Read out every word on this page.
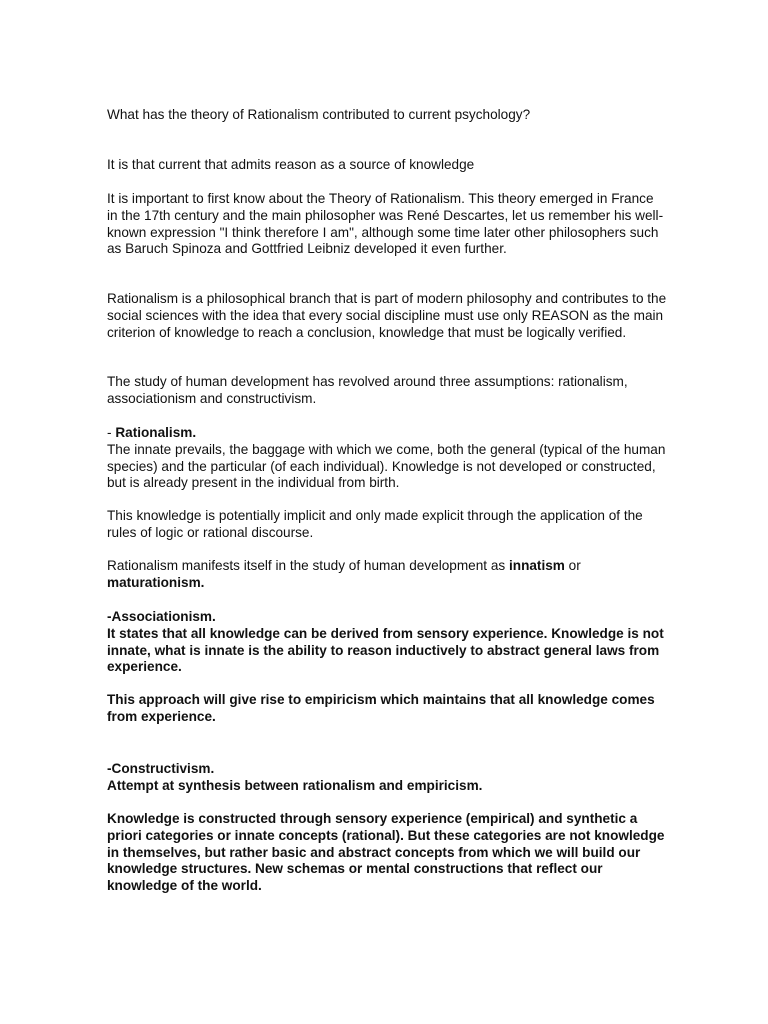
What has the theory of Rationalism contributed to current psychology?

It is that current that admits reason as a source of knowledge

It is important to first know about the Theory of Rationalism. This theory emerged in France in the 17th century and the main philosopher was René Descartes, let us remember his well-known expression "I think therefore I am", although some time later other philosophers such as Baruch Spinoza and Gottfried Leibniz developed it even further.

Rationalism is a philosophical branch that is part of modern philosophy and contributes to the social sciences with the idea that every social discipline must use only REASON as the main criterion of knowledge to reach a conclusion, knowledge that must be logically verified.

The study of human development has revolved around three assumptions: rationalism, associationism and constructivism.

- Rationalism.
The innate prevails, the baggage with which we come, both the general (typical of the human species) and the particular (of each individual). Knowledge is not developed or constructed, but is already present in the individual from birth.

This knowledge is potentially implicit and only made explicit through the application of the rules of logic or rational discourse.

Rationalism manifests itself in the study of human development as innatism or maturationism.

-Associationism.
It states that all knowledge can be derived from sensory experience. Knowledge is not innate, what is innate is the ability to reason inductively to abstract general laws from experience.

This approach will give rise to empiricism which maintains that all knowledge comes from experience.

-Constructivism.
Attempt at synthesis between rationalism and empiricism.

Knowledge is constructed through sensory experience (empirical) and synthetic a priori categories or innate concepts (rational). But these categories are not knowledge in themselves, but rather basic and abstract concepts from which we will build our knowledge structures. New schemas or mental constructions that reflect our knowledge of the world.
